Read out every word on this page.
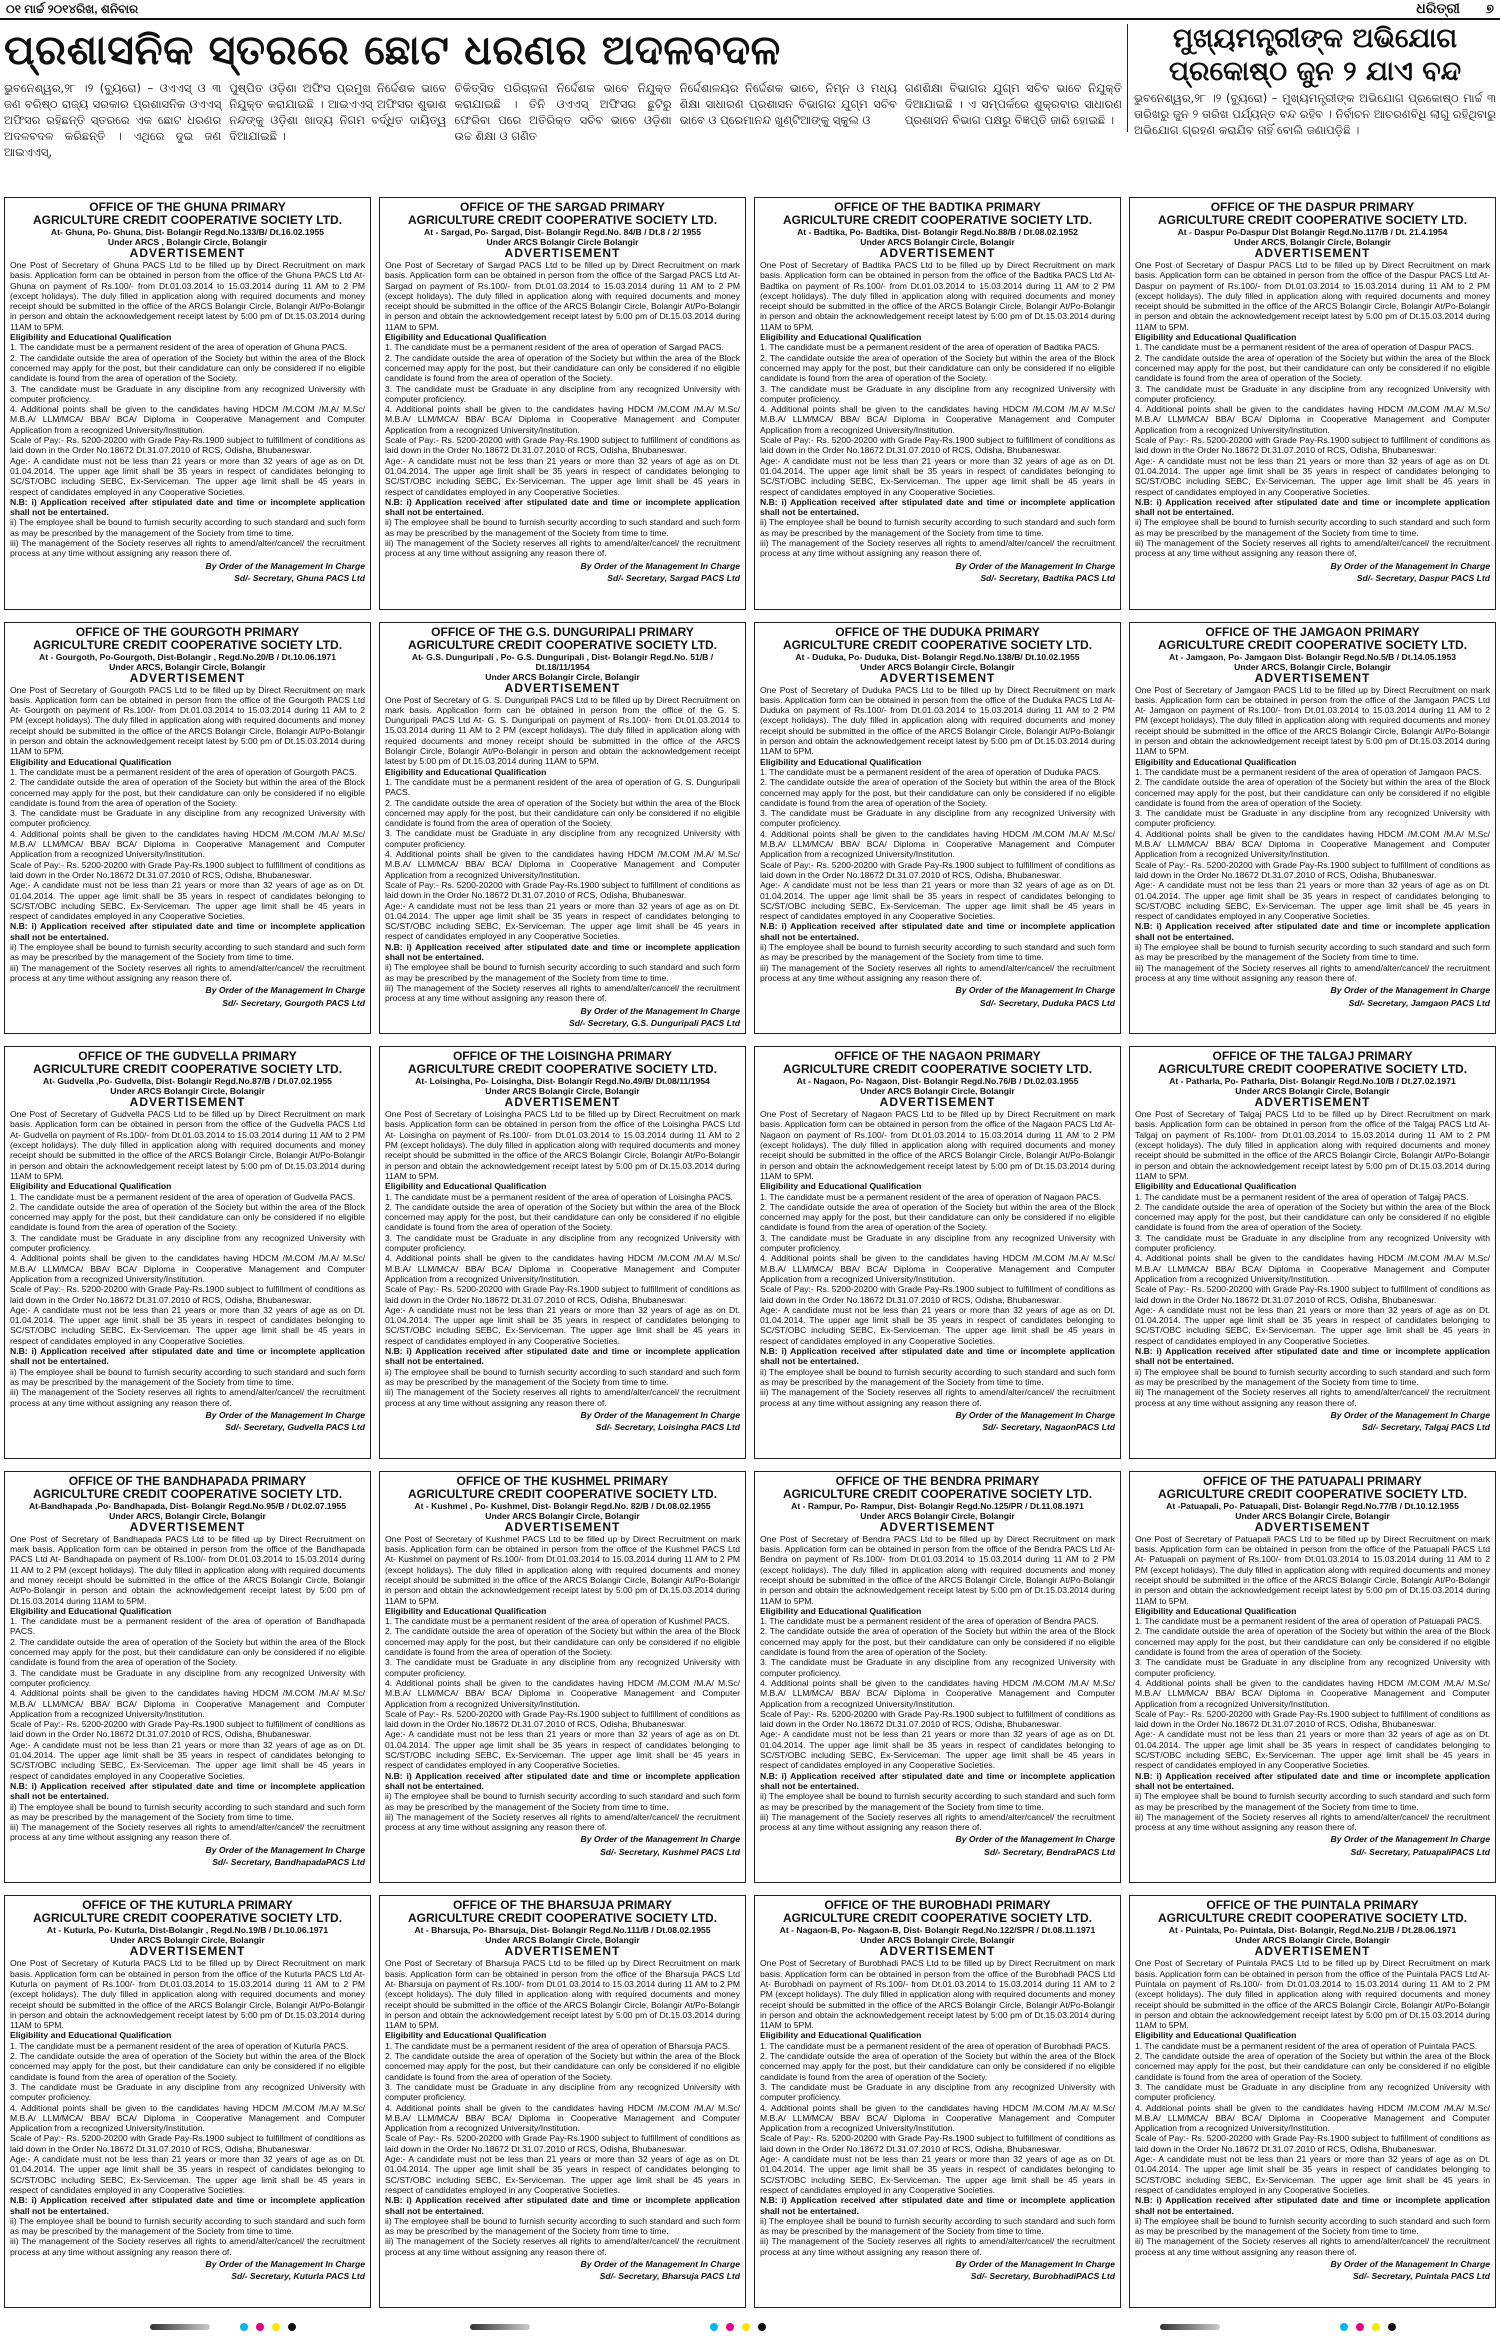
୦୧ ମାର୍ଚ୍ଚ ୨୦୧୪ରିଖ, ଶନିବାର	ଧରିତ୍ରୀ ୭
ପ୍ରଶାସନିକ ସ୍ତରରେ ଛୋଟ ଧରଣର ଅଦଳବଦଳ
ଭୁବନେଶ୍ୱର,୨୮ ।୨ (ବ୍ୟୁରୋ) – ଓଏଏସ୍ ଓ ୩ ଜଣ ବରିଷ୍ଠ ରାଜ୍ୟ ସରକାର ପ୍ରଶାସନିକ ଓଏଏସ୍ ଅଫିସର ରହିଛନ୍ତି ସ୍ତରରେ ଏକ ଛୋଟ ଧରଣର ଅଦଳବଦଳ କରିଛନ୍ତି । ଏଥିରେ ଦୁଇ ଜଣ ଆଇଏଏସ୍,
ପୁଷ୍ପିତ ଓଡ଼ିଶା ଅଫିସ ପ୍ରମୁଖ ନିର୍ଦ୍ଦେଶକ ଭାବେ ନିଯୁକ୍ତ କରାଯାଇଛି । ଆଇଏଏସ୍ ଅଫିସର ଶୁଭାଶ ନନ୍ଦଙ୍କୁ ଓଡ଼ିଶା ଖାଦ୍ୟ ନିଗମ ବର୍ଦ୍ଧିତ ଦାୟିତ୍ୱ ଦିଆଯାଇଛି ।
ଚିକିତ୍ସିତ ପରିଚାଳନା ନିର୍ଦ୍ଦେଶକ ଭାବେ ନିଯୁକ୍ତ କରାଯାଇଛି । ତିନି ଓଏଏସ୍ ଅଫିସର ଛୁଟିରୁ ଫେରିବା ପରେ ଅତିରିକ୍ତ ସଚିବ ଭାବେ ଓଡ଼ିଶା ଉଚ୍ଚ ଶିକ୍ଷା ଓ ଗଣିତ
ନିର୍ଦ୍ଦେଶାଳୟର ନିର୍ଦ୍ଦେଶକ ଭାବେ, ନିମ୍ନ ଓ ମଧ୍ୟ ଶିକ୍ଷା ସାଧାରଣ ପ୍ରଶାସନ ବିଭାଗର ଯୁଗ୍ମ ସଚିବ ଭାବେ ଓ ପ୍ରେମାନନ୍ଦ ଖୁଣ୍ଟିଆଙ୍କୁ ସ୍କୁଲ ଓ
ଗଣଶିକ୍ଷା ବିଭାଗର ଯୁଗ୍ମ ସଚିବ ଭାବେ ନିଯୁକ୍ତି ଦିଆଯାଇଛି । ଏ ସମ୍ପର୍କରେ ଶୁକ୍ରବାର ସାଧାରଣ ପ୍ରଶାସନ ବିଭାଗ ପକ୍ଷରୁ ବିଜ୍ଞପ୍ତି ଜାରି ହୋଇଛି ।
ମୁଖ୍ୟମନ୍ତ୍ରୀଙ୍କ ଅଭିଯୋଗ
ପ୍ରକୋଷ୍ଠ ଜୁନ ୨ ଯାଏ ବନ୍ଦ
ଭୁବନେଶ୍ୱର,୨୮ ।୨ (ବ୍ୟୁରୋ) – ମୁଖ୍ୟମନ୍ତ୍ରୀଙ୍କ ଅଭିଯୋଗ ପ୍ରକୋଷ୍ଠ ମାର୍ଚ୍ଚ ୩ ତାରିଖରୁ ଜୁନ ୨ ତାରିଖ ପର୍ଯ୍ୟନ୍ତ ବନ୍ଦ ରହିବ । ନିର୍ବାଚନ ଆଚରଣବିଧି ଲାଗୁ ରହିଥିବାରୁ ଅଭିଯୋଗ ଗ୍ରହଣ କରାଯିବ ନାହିଁ ବୋଲି ଜଣାପଡ଼ିଛି ।
OFFICE OF THE GHUNA PRIMARY
AGRICULTURE CREDIT COOPERATIVE SOCIETY LTD.
At- Ghuna, Po- Ghuna, Dist- Bolangir Regd.No.133/B/ Dt.16.02.1955
Under ARCS , Bolangir Circle, Bolangir
ADVERTISEMENT

One Post of Secretary of Ghuna PACS Ltd to be filled up by Direct Recruitment on mark basis. Application form can be obtained in person from the office of the Ghuna PACS Ltd At- Ghuna on payment of Rs.100/- from Dt.01.03.2014 to 15.03.2014 during 11 AM to 2 PM (except holidays). The duly filled in application along with required documents and money receipt should be submitted in the office of the ARCS Bolangir Circle, Bolangir At/Po-Bolangir in person and obtain the acknowledgement receipt latest by 5:00 pm of Dt.15.03.2014 during 11AM to 5PM.

Eligibility and Educational Qualification

1. The candidate must be a permanent resident of the area of operation of Ghuna PACS.

2. The candidate outside the area of operation of the Society but within the area of the Block concerned may apply for the post, but their candidature can only be considered if no eligible candidate is found from the area of operation of the Society.

3. The candidate must be Graduate in any discipline from any recognized University with computer proficiency.

4. Additional points shall be given to the candidates having HDCM /M.COM /M.A/ M.Sc/ M.B.A/ LLM/MCA/ BBA/ BCA/ Diploma in Cooperative Management and Computer Application from a recognized University/Institution.

Scale of Pay:- Rs. 5200-20200 with Grade Pay-Rs.1900 subject to fulfillment of conditions as laid down in the Order No.18672 Dt.31.07.2010 of RCS, Odisha, Bhubaneswar.

Age:- A candidate must not be less than 21 years or more than 32 years of age as on Dt. 01.04.2014. The upper age limit shall be 35 years in respect of candidates belonging to SC/ST/OBC including SEBC, Ex-Serviceman. The upper age limit shall be 45 years in respect of candidates employed in any Cooperative Societies.

N.B: i) Application received after stipulated date and time or incomplete application shall not be entertained.

ii) The employee shall be bound to furnish security according to such standard and such form as may be prescribed by the management of the Society from time to time.

iii) The management of the Society reserves all rights to amend/alter/cancel/ the recruitment process at any time without assigning any reason there of.

By Order of the Management In Charge
Sd/- Secretary, Ghuna PACS Ltd
OFFICE OF THE SARGAD PRIMARY
AGRICULTURE CREDIT COOPERATIVE SOCIETY LTD.
At - Sargad, Po- Sargad, Dist- Bolangir Regd.No. 84/B / Dt.8 / 2/ 1955
Under ARCS Bolangir Circle Bolangir
ADVERTISEMENT

One Post of Secretary of Sargad PACS Ltd to be filled up by Direct Recruitment on mark basis. Application form can be obtained in person from the office of the Sargad PACS Ltd At- Sargad on payment of Rs.100/- from Dt.01.03.2014 to 15.03.2014 during 11 AM to 2 PM (except holidays). The duly filled in application along with required documents and money receipt should be submitted in the office of the ARCS Bolangir Circle, Bolangir At/Po-Bolangir in person and obtain the acknowledgement receipt latest by 5:00 pm of Dt.15.03.2014 during 11AM to 5PM.

Eligibility and Educational Qualification

1. The candidate must be a permanent resident of the area of operation of Sargad PACS.

2. The candidate outside the area of operation of the Society but within the area of the Block concerned may apply for the post, but their candidature can only be considered if no eligible candidate is found from the area of operation of the Society.

3. The candidate must be Graduate in any discipline from any recognized University with computer proficiency.

4. Additional points shall be given to the candidates having HDCM /M.COM /M.A/ M.Sc/ M.B.A/ LLM/MCA/ BBA/ BCA/ Diploma in Cooperative Management and Computer Application from a recognized University/Institution.

Scale of Pay:- Rs. 5200-20200 with Grade Pay-Rs.1900 subject to fulfillment of conditions as laid down in the Order No.18672 Dt.31.07.2010 of RCS, Odisha, Bhubaneswar.

Age:- A candidate must not be less than 21 years or more than 32 years of age as on Dt. 01.04.2014. The upper age limit shall be 35 years in respect of candidates belonging to SC/ST/OBC including SEBC, Ex-Serviceman. The upper age limit shall be 45 years in respect of candidates employed in any Cooperative Societies.

N.B: i) Application received after stipulated date and time or incomplete application shall not be entertained.

ii) The employee shall be bound to furnish security according to such standard and such form as may be prescribed by the management of the Society from time to time.

iii) The management of the Society reserves all rights to amend/alter/cancel/ the recruitment process at any time without assigning any reason there of.

By Order of the Management In Charge
Sd/- Secretary, Sargad PACS Ltd
OFFICE OF THE BADTIKA PRIMARY
AGRICULTURE CREDIT COOPERATIVE SOCIETY LTD.
At - Badtika, Po- Badtika, Dist- Bolangir Regd.No.88/B / Dt.08.02.1952
Under ARCS Bolangir Circle, Bolangir
ADVERTISEMENT

One Post of Secretary of Badtika PACS Ltd to be filled up by Direct Recruitment on mark basis. Application form can be obtained in person from the office of the Badtika PACS Ltd At- Badtika on payment of Rs.100/- from Dt.01.03.2014 to 15.03.2014 during 11 AM to 2 PM (except holidays). The duly filled in application along with required documents and money receipt should be submitted in the office of the ARCS Bolangir Circle, Bolangir At/Po-Bolangir in person and obtain the acknowledgement receipt latest by 5:00 pm of Dt.15.03.2014 during 11AM to 5PM.

Eligibility and Educational Qualification

1. The candidate must be a permanent resident of the area of operation of Badtika PACS.

2. The candidate outside the area of operation of the Society but within the area of the Block concerned may apply for the post, but their candidature can only be considered if no eligible candidate is found from the area of operation of the Society.

3. The candidate must be Graduate in any discipline from any recognized University with computer proficiency.

4. Additional points shall be given to the candidates having HDCM /M.COM /M.A/ M.Sc/ M.B.A/ LLM/MCA/ BBA/ BCA/ Diploma in Cooperative Management and Computer Application from a recognized University/Institution.

Scale of Pay:- Rs. 5200-20200 with Grade Pay-Rs.1900 subject to fulfillment of conditions as laid down in the Order No.18672 Dt.31.07.2010 of RCS, Odisha, Bhubaneswar.

Age:- A candidate must not be less than 21 years or more than 32 years of age as on Dt. 01.04.2014. The upper age limit shall be 35 years in respect of candidates belonging to SC/ST/OBC including SEBC, Ex-Serviceman. The upper age limit shall be 45 years in respect of candidates employed in any Cooperative Societies.

N.B: i) Application received after stipulated date and time or incomplete application shall not be entertained.

ii) The employee shall be bound to furnish security according to such standard and such form as may be prescribed by the management of the Society from time to time.

iii) The management of the Society reserves all rights to amend/alter/cancel/ the recruitment process at any time without assigning any reason there of.

By Order of the Management In Charge
Sd/- Secretary, Badtika PACS Ltd
OFFICE OF THE DASPUR PRIMARY
AGRICULTURE CREDIT COOPERATIVE SOCIETY LTD.
At - Daspur Po-Daspur Dist Bolangir Regd.No.117/B / Dt. 21.4.1954
Under ARCS, Bolangir Circle, Bolangir
ADVERTISEMENT

One Post of Secretary of Daspur PACS Ltd to be filled up by Direct Recruitment on mark basis. Application form can be obtained in person from the office of the Daspur PACS Ltd At- Daspur on payment of Rs.100/- from Dt.01.03.2014 to 15.03.2014 during 11 AM to 2 PM (except holidays). The duly filled in application along with required documents and money receipt should be submitted in the office of the ARCS Bolangir Circle, Bolangir At/Po-Bolangir in person and obtain the acknowledgement receipt latest by 5:00 pm of Dt.15.03.2014 during 11AM to 5PM.

Eligibility and Educational Qualification

1. The candidate must be a permanent resident of the area of operation of Daspur PACS.

2. The candidate outside the area of operation of the Society but within the area of the Block concerned may apply for the post, but their candidature can only be considered if no eligible candidate is found from the area of operation of the Society.

3. The candidate must be Graduate in any discipline from any recognized University with computer proficiency.

4. Additional points shall be given to the candidates having HDCM /M.COM /M.A/ M.Sc/ M.B.A/ LLM/MCA/ BBA/ BCA/ Diploma in Cooperative Management and Computer Application from a recognized University/Institution.

Scale of Pay:- Rs. 5200-20200 with Grade Pay-Rs.1900 subject to fulfillment of conditions as laid down in the Order No.18672 Dt.31.07.2010 of RCS, Odisha, Bhubaneswar.

Age:- A candidate must not be less than 21 years or more than 32 years of age as on Dt. 01.04.2014. The upper age limit shall be 35 years in respect of candidates belonging to SC/ST/OBC including SEBC, Ex-Serviceman. The upper age limit shall be 45 years in respect of candidates employed in any Cooperative Societies.

N.B: i) Application received after stipulated date and time or incomplete application shall not be entertained.

ii) The employee shall be bound to furnish security according to such standard and such form as may be prescribed by the management of the Society from time to time.

iii) The management of the Society reserves all rights to amend/alter/cancel/ the recruitment process at any time without assigning any reason there of.

By Order of the Management In Charge
Sd/- Secretary, Daspur PACS Ltd
OFFICE OF THE GOURGOTH PRIMARY
AGRICULTURE CREDIT COOPERATIVE SOCIETY LTD.
At - Gourgoth, Po-Gourgoth, Dist-Bolangir , Regd.No.20/B / Dt.10.06.1971
Under ARCS, Bolangir Circle, Bolangir
ADVERTISEMENT

One Post of Secretary of Gourgoth PACS Ltd to be filled up by Direct Recruitment on mark basis. Application form can be obtained in person from the office of the Gourgoth PACS Ltd At- Gourgoth on payment of Rs.100/- from Dt.01.03.2014 to 15.03.2014 during 11 AM to 2 PM (except holidays). The duly filled in application along with required documents and money receipt should be submitted in the office of the ARCS Bolangir Circle, Bolangir At/Po-Bolangir in person and obtain the acknowledgement receipt latest by 5:00 pm of Dt.15.03.2014 during 11AM to 5PM.

Eligibility and Educational Qualification

1. The candidate must be a permanent resident of the area of operation of Gourgoth PACS.

2. The candidate outside the area of operation of the Society but within the area of the Block concerned may apply for the post, but their candidature can only be considered if no eligible candidate is found from the area of operation of the Society.

3. The candidate must be Graduate in any discipline from any recognized University with computer proficiency.

4. Additional points shall be given to the candidates having HDCM /M.COM /M.A/ M.Sc/ M.B.A/ LLM/MCA/ BBA/ BCA/ Diploma in Cooperative Management and Computer Application from a recognized University/Institution.

Scale of Pay:- Rs. 5200-20200 with Grade Pay-Rs.1900 subject to fulfillment of conditions as laid down in the Order No.18672 Dt.31.07.2010 of RCS, Odisha, Bhubaneswar.

Age:- A candidate must not be less than 21 years or more than 32 years of age as on Dt. 01.04.2014. The upper age limit shall be 35 years in respect of candidates belonging to SC/ST/OBC including SEBC, Ex-Serviceman. The upper age limit shall be 45 years in respect of candidates employed in any Cooperative Societies.

N.B: i) Application received after stipulated date and time or incomplete application shall not be entertained.

ii) The employee shall be bound to furnish security according to such standard and such form as may be prescribed by the management of the Society from time to time.

iii) The management of the Society reserves all rights to amend/alter/cancel/ the recruitment process at any time without assigning any reason there of.

By Order of the Management In Charge
Sd/- Secretary, Gourgoth PACS Ltd
OFFICE OF THE G.S. DUNGURIPALI PRIMARY
AGRICULTURE CREDIT COOPERATIVE SOCIETY LTD.
At- G.S. Dunguripali , Po- G.S. Dunguripali , Dist- Bolangir Regd.No. 51/B / Dt.18/11/1954
Under ARCS Bolangir Circle, Bolangir
ADVERTISEMENT

One Post of Secretary of G. S. Dunguripali PACS Ltd to be filled up by Direct Recruitment on mark basis. Application form can be obtained in person from the office of the G. S. Dunguripali PACS Ltd At- G. S. Dunguripali on payment of Rs.100/- from Dt.01.03.2014 to 15.03.2014 during 11 AM to 2 PM (except holidays). The duly filled in application along with required documents and money receipt should be submitted in the office of the ARCS Bolangir Circle, Bolangir At/Po-Bolangir in person and obtain the acknowledgement receipt latest by 5:00 pm of Dt.15.03.2014 during 11AM to 5PM.

Eligibility and Educational Qualification

1. The candidate must be a permanent resident of the area of operation of G. S. Dunguripali PACS.

2. The candidate outside the area of operation of the Society but within the area of the Block concerned may apply for the post, but their candidature can only be considered if no eligible candidate is found from the area of operation of the Society.

3. The candidate must be Graduate in any discipline from any recognized University with computer proficiency.

4. Additional points shall be given to the candidates having HDCM /M.COM /M.A/ M.Sc/ M.B.A/ LLM/MCA/ BBA/ BCA/ Diploma in Cooperative Management and Computer Application from a recognized University/Institution.

Scale of Pay:- Rs. 5200-20200 with Grade Pay-Rs.1900 subject to fulfillment of conditions as laid down in the Order No.18672 Dt.31.07.2010 of RCS, Odisha, Bhubaneswar.

Age:- A candidate must not be less than 21 years or more than 32 years of age as on Dt. 01.04.2014. The upper age limit shall be 35 years in respect of candidates belonging to SC/ST/OBC including SEBC, Ex-Serviceman. The upper age limit shall be 45 years in respect of candidates employed in any Cooperative Societies.

N.B: i) Application received after stipulated date and time or incomplete application shall not be entertained.

ii) The employee shall be bound to furnish security according to such standard and such form as may be prescribed by the management of the Society from time to time.

iii) The management of the Society reserves all rights to amend/alter/cancel/ the recruitment process at any time without assigning any reason there of.

By Order of the Management In Charge
Sd/- Secretary, G.S. Dunguripali PACS Ltd
OFFICE OF THE DUDUKA PRIMARY
AGRICULTURE CREDIT COOPERATIVE SOCIETY LTD.
At - Duduka, Po- Duduka, Dist- Bolangir Regd.No.138/B/ Dt.10.02.1955
Under ARCS Bolangir Circle, Bolangir
ADVERTISEMENT

One Post of Secretary of Duduka PACS Ltd to be filled up by Direct Recruitment on mark basis. Application form can be obtained in person from the office of the Duduka PACS Ltd At- Duduka on payment of Rs.100/- from Dt.01.03.2014 to 15.03.2014 during 11 AM to 2 PM (except holidays). The duly filled in application along with required documents and money receipt should be submitted in the office of the ARCS Bolangir Circle, Bolangir At/Po-Bolangir in person and obtain the acknowledgement receipt latest by 5:00 pm of Dt.15.03.2014 during 11AM to 5PM.

Eligibility and Educational Qualification

1. The candidate must be a permanent resident of the area of operation of Duduka PACS.

2. The candidate outside the area of operation of the Society but within the area of the Block concerned may apply for the post, but their candidature can only be considered if no eligible candidate is found from the area of operation of the Society.

3. The candidate must be Graduate in any discipline from any recognized University with computer proficiency.

4. Additional points shall be given to the candidates having HDCM /M.COM /M.A/ M.Sc/ M.B.A/ LLM/MCA/ BBA/ BCA/ Diploma in Cooperative Management and Computer Application from a recognized University/Institution.

Scale of Pay:- Rs. 5200-20200 with Grade Pay-Rs.1900 subject to fulfillment of conditions as laid down in the Order No.18672 Dt.31.07.2010 of RCS, Odisha, Bhubaneswar.

Age:- A candidate must not be less than 21 years or more than 32 years of age as on Dt. 01.04.2014. The upper age limit shall be 35 years in respect of candidates belonging to SC/ST/OBC including SEBC, Ex-Serviceman. The upper age limit shall be 45 years in respect of candidates employed in any Cooperative Societies.

N.B: i) Application received after stipulated date and time or incomplete application shall not be entertained.

ii) The employee shall be bound to furnish security according to such standard and such form as may be prescribed by the management of the Society from time to time.

iii) The management of the Society reserves all rights to amend/alter/cancel/ the recruitment process at any time without assigning any reason there of.

By Order of the Management In Charge
Sd/- Secretary, Duduka PACS Ltd
OFFICE OF THE JAMGAON PRIMARY
AGRICULTURE CREDIT COOPERATIVE SOCIETY LTD.
At - Jamgaon, Po- Jamgaon Dist- Bolangir Regd.No.5/B / Dt.14.05.1953
Under ARCS, Bolangir Circle, Bolangir
ADVERTISEMENT

One Post of Secretary of Jamgaon PACS Ltd to be filled up by Direct Recruitment on mark basis. Application form can be obtained in person from the office of the Jamgaon PACS Ltd At- Jamgaon on payment of Rs.100/- from Dt.01.03.2014 to 15.03.2014 during 11 AM to 2 PM (except holidays). The duly filled in application along with required documents and money receipt should be submitted in the office of the ARCS Bolangir Circle, Bolangir At/Po-Bolangir in person and obtain the acknowledgement receipt latest by 5:00 pm of Dt.15.03.2014 during 11AM to 5PM.

Eligibility and Educational Qualification

1. The candidate must be a permanent resident of the area of operation of Jamgaon PACS.

2. The candidate outside the area of operation of the Society but within the area of the Block concerned may apply for the post, but their candidature can only be considered if no eligible candidate is found from the area of operation of the Society.

3. The candidate must be Graduate in any discipline from any recognized University with computer proficiency.

4. Additional points shall be given to the candidates having HDCM /M.COM /M.A/ M.Sc/ M.B.A/ LLM/MCA/ BBA/ BCA/ Diploma in Cooperative Management and Computer Application from a recognized University/Institution.

Scale of Pay:- Rs. 5200-20200 with Grade Pay-Rs.1900 subject to fulfillment of conditions as laid down in the Order No.18672 Dt.31.07.2010 of RCS, Odisha, Bhubaneswar.

Age:- A candidate must not be less than 21 years or more than 32 years of age as on Dt. 01.04.2014. The upper age limit shall be 35 years in respect of candidates belonging to SC/ST/OBC including SEBC, Ex-Serviceman. The upper age limit shall be 45 years in respect of candidates employed in any Cooperative Societies.

N.B: i) Application received after stipulated date and time or incomplete application shall not be entertained.

ii) The employee shall be bound to furnish security according to such standard and such form as may be prescribed by the management of the Society from time to time.

iii) The management of the Society reserves all rights to amend/alter/cancel/ the recruitment process at any time without assigning any reason there of.

By Order of the Management In Charge
Sd/- Secretary, Jamgaon PACS Ltd
OFFICE OF THE GUDVELLA PRIMARY
AGRICULTURE CREDIT COOPERATIVE SOCIETY LTD.
At- Gudvella ,Po- Gudvella, Dist- Bolangir Regd.No.87/B / Dt.07.02.1955
Under ARCS Bolangir Circle, Bolangir
ADVERTISEMENT

One Post of Secretary of Gudvella PACS Ltd to be filled up by Direct Recruitment on mark basis. Application form can be obtained in person from the office of the Gudvella PACS Ltd At- Gudvella on payment of Rs.100/- from Dt.01.03.2014 to 15.03.2014 during 11 AM to 2 PM (except holidays). The duly filled in application along with required documents and money receipt should be submitted in the office of the ARCS Bolangir Circle, Bolangir At/Po-Bolangir in person and obtain the acknowledgement receipt latest by 5:00 pm of Dt.15.03.2014 during 11AM to 5PM.

Eligibility and Educational Qualification

1. The candidate must be a permanent resident of the area of operation of Gudvella PACS.

2. The candidate outside the area of operation of the Society but within the area of the Block concerned may apply for the post, but their candidature can only be considered if no eligible candidate is found from the area of operation of the Society.

3. The candidate must be Graduate in any discipline from any recognized University with computer proficiency.

4. Additional points shall be given to the candidates having HDCM /M.COM /M.A/ M.Sc/ M.B.A/ LLM/MCA/ BBA/ BCA/ Diploma in Cooperative Management and Computer Application from a recognized University/Institution.

Scale of Pay:- Rs. 5200-20200 with Grade Pay-Rs.1900 subject to fulfillment of conditions as laid down in the Order No.18672 Dt.31.07.2010 of RCS, Odisha, Bhubaneswar.

Age:- A candidate must not be less than 21 years or more than 32 years of age as on Dt. 01.04.2014. The upper age limit shall be 35 years in respect of candidates belonging to SC/ST/OBC including SEBC, Ex-Serviceman. The upper age limit shall be 45 years in respect of candidates employed in any Cooperative Societies.

N.B: i) Application received after stipulated date and time or incomplete application shall not be entertained.

ii) The employee shall be bound to furnish security according to such standard and such form as may be prescribed by the management of the Society from time to time.

iii) The management of the Society reserves all rights to amend/alter/cancel/ the recruitment process at any time without assigning any reason there of.

By Order of the Management In Charge
Sd/- Secretary, Gudvella PACS Ltd
OFFICE OF THE LOISINGHA PRIMARY
AGRICULTURE CREDIT COOPERATIVE SOCIETY LTD.
At- Loisingha, Po- Loisingha, Dist- Bolangir Regd.No.49/B/ Dt.08/11/1954
Under ARCS Bolangir Circle, Bolangir
ADVERTISEMENT

One Post of Secretary of Loisingha PACS Ltd to be filled up by Direct Recruitment on mark basis. Application form can be obtained in person from the office of the Loisingha PACS Ltd At- Loisingha on payment of Rs.100/- from Dt.01.03.2014 to 15.03.2014 during 11 AM to 2 PM (except holidays). The duly filled in application along with required documents and money receipt should be submitted in the office of the ARCS Bolangir Circle, Bolangir At/Po-Bolangir in person and obtain the acknowledgement receipt latest by 5:00 pm of Dt.15.03.2014 during 11AM to 5PM.

Eligibility and Educational Qualification

1. The candidate must be a permanent resident of the area of operation of Loisingha PACS.

2. The candidate outside the area of operation of the Society but within the area of the Block concerned may apply for the post, but their candidature can only be considered if no eligible candidate is found from the area of operation of the Society.

3. The candidate must be Graduate in any discipline from any recognized University with computer proficiency.

4. Additional points shall be given to the candidates having HDCM /M.COM /M.A/ M.Sc/ M.B.A/ LLM/MCA/ BBA/ BCA/ Diploma in Cooperative Management and Computer Application from a recognized University/Institution.

Scale of Pay:- Rs. 5200-20200 with Grade Pay-Rs.1900 subject to fulfillment of conditions as laid down in the Order No.18672 Dt.31.07.2010 of RCS, Odisha, Bhubaneswar.

Age:- A candidate must not be less than 21 years or more than 32 years of age as on Dt. 01.04.2014. The upper age limit shall be 35 years in respect of candidates belonging to SC/ST/OBC including SEBC, Ex-Serviceman. The upper age limit shall be 45 years in respect of candidates employed in any Cooperative Societies.

N.B: i) Application received after stipulated date and time or incomplete application shall not be entertained.

ii) The employee shall be bound to furnish security according to such standard and such form as may be prescribed by the management of the Society from time to time.

iii) The management of the Society reserves all rights to amend/alter/cancel/ the recruitment process at any time without assigning any reason there of.

By Order of the Management In Charge
Sd/- Secretary, Loisingha PACS Ltd
OFFICE OF THE NAGAON PRIMARY
AGRICULTURE CREDIT COOPERATIVE SOCIETY LTD.
At - Nagaon, Po- Nagaon, Dist- Bolangir Regd.No.76/B / Dt.02.03.1955
Under ARCS Bolangir Circle, Bolangir
ADVERTISEMENT

One Post of Secretary of Nagaon PACS Ltd to be filled up by Direct Recruitment on mark basis. Application form can be obtained in person from the office of the Nagaon PACS Ltd At- Nagaon on payment of Rs.100/- from Dt.01.03.2014 to 15.03.2014 during 11 AM to 2 PM (except holidays). The duly filled in application along with required documents and money receipt should be submitted in the office of the ARCS Bolangir Circle, Bolangir At/Po-Bolangir in person and obtain the acknowledgement receipt latest by 5:00 pm of Dt.15.03.2014 during 11AM to 5PM.

Eligibility and Educational Qualification

1. The candidate must be a permanent resident of the area of operation of Nagaon PACS.

2. The candidate outside the area of operation of the Society but within the area of the Block concerned may apply for the post, but their candidature can only be considered if no eligible candidate is found from the area of operation of the Society.

3. The candidate must be Graduate in any discipline from any recognized University with computer proficiency.

4. Additional points shall be given to the candidates having HDCM /M.COM /M.A/ M.Sc/ M.B.A/ LLM/MCA/ BBA/ BCA/ Diploma in Cooperative Management and Computer Application from a recognized University/Institution.

Scale of Pay:- Rs. 5200-20200 with Grade Pay-Rs.1900 subject to fulfillment of conditions as laid down in the Order No.18672 Dt.31.07.2010 of RCS, Odisha, Bhubaneswar.

Age:- A candidate must not be less than 21 years or more than 32 years of age as on Dt. 01.04.2014. The upper age limit shall be 35 years in respect of candidates belonging to SC/ST/OBC including SEBC, Ex-Serviceman. The upper age limit shall be 45 years in respect of candidates employed in any Cooperative Societies.

N.B: i) Application received after stipulated date and time or incomplete application shall not be entertained.

ii) The employee shall be bound to furnish security according to such standard and such form as may be prescribed by the management of the Society from time to time.

iii) The management of the Society reserves all rights to amend/alter/cancel/ the recruitment process at any time without assigning any reason there of.

By Order of the Management In Charge
Sd/- Secretary, NagaonPACS Ltd
OFFICE OF THE TALGAJ PRIMARY
AGRICULTURE CREDIT COOPERATIVE SOCIETY LTD.
At - Patharla, Po- Patharla, Dist- Bolangir Regd.No.10/B / Dt.27.02.1971
Under ARCS Bolangir Circle, Bolangir
ADVERTISEMENT

One Post of Secretary of Talgaj PACS Ltd to be filled up by Direct Recruitment on mark basis. Application form can be obtained in person from the office of the Talgaj PACS Ltd At- Talgaj on payment of Rs.100/- from Dt.01.03.2014 to 15.03.2014 during 11 AM to 2 PM (except holidays). The duly filled in application along with required documents and money receipt should be submitted in the office of the ARCS Bolangir Circle, Bolangir At/Po-Bolangir in person and obtain the acknowledgement receipt latest by 5:00 pm of Dt.15.03.2014 during 11AM to 5PM.

Eligibility and Educational Qualification

1. The candidate must be a permanent resident of the area of operation of Talgaj PACS.

2. The candidate outside the area of operation of the Society but within the area of the Block concerned may apply for the post, but their candidature can only be considered if no eligible candidate is found from the area of operation of the Society.

3. The candidate must be Graduate in any discipline from any recognized University with computer proficiency.

4. Additional points shall be given to the candidates having HDCM /M.COM /M.A/ M.Sc/ M.B.A/ LLM/MCA/ BBA/ BCA/ Diploma in Cooperative Management and Computer Application from a recognized University/Institution.

Scale of Pay:- Rs. 5200-20200 with Grade Pay-Rs.1900 subject to fulfillment of conditions as laid down in the Order No.18672 Dt.31.07.2010 of RCS, Odisha, Bhubaneswar.

Age:- A candidate must not be less than 21 years or more than 32 years of age as on Dt. 01.04.2014. The upper age limit shall be 35 years in respect of candidates belonging to SC/ST/OBC including SEBC, Ex-Serviceman. The upper age limit shall be 45 years in respect of candidates employed in any Cooperative Societies.

N.B: i) Application received after stipulated date and time or incomplete application shall not be entertained.

ii) The employee shall be bound to furnish security according to such standard and such form as may be prescribed by the management of the Society from time to time.

iii) The management of the Society reserves all rights to amend/alter/cancel/ the recruitment process at any time without assigning any reason there of.

By Order of the Management In Charge
Sd/- Secretary, Talgaj PACS Ltd
OFFICE OF THE BANDHAPADA PRIMARY
AGRICULTURE CREDIT COOPERATIVE SOCIETY LTD.
At-Bandhapada ,Po- Bandhapada, Dist- Bolangir Regd.No.95/B / Dt.02.07.1955
Under ARCS, Bolangir Circle, Bolangir
ADVERTISEMENT

One Post of Secretary of Bandhapada PACS Ltd to be filled up by Direct Recruitment on mark basis. Application form can be obtained in person from the office of the Bandhapada PACS Ltd At- Bandhapada on payment of Rs.100/- from Dt.01.03.2014 to 15.03.2014 during 11 AM to 2 PM (except holidays). The duly filled in application along with required documents and money receipt should be submitted in the office of the ARCS Bolangir Circle, Bolangir At/Po-Bolangir in person and obtain the acknowledgement receipt latest by 5:00 pm of Dt.15.03.2014 during 11AM to 5PM.

Eligibility and Educational Qualification

1. The candidate must be a permanent resident of the area of operation of Bandhapada PACS.

2. The candidate outside the area of operation of the Society but within the area of the Block concerned may apply for the post, but their candidature can only be considered if no eligible candidate is found from the area of operation of the Society.

3. The candidate must be Graduate in any discipline from any recognized University with computer proficiency.

4. Additional points shall be given to the candidates having HDCM /M.COM /M.A/ M.Sc/ M.B.A/ LLM/MCA/ BBA/ BCA/ Diploma in Cooperative Management and Computer Application from a recognized University/Institution.

Scale of Pay:- Rs. 5200-20200 with Grade Pay-Rs.1900 subject to fulfillment of conditions as laid down in the Order No.18672 Dt.31.07.2010 of RCS, Odisha, Bhubaneswar.

Age:- A candidate must not be less than 21 years or more than 32 years of age as on Dt. 01.04.2014. The upper age limit shall be 35 years in respect of candidates belonging to SC/ST/OBC including SEBC, Ex-Serviceman. The upper age limit shall be 45 years in respect of candidates employed in any Cooperative Societies.

N.B: i) Application received after stipulated date and time or incomplete application shall not be entertained.

ii) The employee shall be bound to furnish security according to such standard and such form as may be prescribed by the management of the Society from time to time.

iii) The management of the Society reserves all rights to amend/alter/cancel/ the recruitment process at any time without assigning any reason there of.

By Order of the Management In Charge
Sd/- Secretary, BandhapadaPACS Ltd
OFFICE OF THE KUSHMEL PRIMARY
AGRICULTURE CREDIT COOPERATIVE SOCIETY LTD.
At - Kushmel , Po- Kushmel, Dist- Bolangir Regd.No. 82/B / Dt.08.02.1955
Under ARCS Bolangir Circle, Bolangir
ADVERTISEMENT

One Post of Secretary of Kushmel PACS Ltd to be filled up by Direct Recruitment on mark basis. Application form can be obtained in person from the office of the Kushmel PACS Ltd At- Kushmel on payment of Rs.100/- from Dt.01.03.2014 to 15.03.2014 during 11 AM to 2 PM (except holidays). The duly filled in application along with required documents and money receipt should be submitted in the office of the ARCS Bolangir Circle, Bolangir At/Po-Bolangir in person and obtain the acknowledgement receipt latest by 5:00 pm of Dt.15.03.2014 during 11AM to 5PM.

Eligibility and Educational Qualification

1. The candidate must be a permanent resident of the area of operation of Kushmel PACS.

2. The candidate outside the area of operation of the Society but within the area of the Block concerned may apply for the post, but their candidature can only be considered if no eligible candidate is found from the area of operation of the Society.

3. The candidate must be Graduate in any discipline from any recognized University with computer proficiency.

4. Additional points shall be given to the candidates having HDCM /M.COM /M.A/ M.Sc/ M.B.A/ LLM/MCA/ BBA/ BCA/ Diploma in Cooperative Management and Computer Application from a recognized University/Institution.

Scale of Pay:- Rs. 5200-20200 with Grade Pay-Rs.1900 subject to fulfillment of conditions as laid down in the Order No.18672 Dt.31.07.2010 of RCS, Odisha, Bhubaneswar.

Age:- A candidate must not be less than 21 years or more than 32 years of age as on Dt. 01.04.2014. The upper age limit shall be 35 years in respect of candidates belonging to SC/ST/OBC including SEBC, Ex-Serviceman. The upper age limit shall be 45 years in respect of candidates employed in any Cooperative Societies.

N.B: i) Application received after stipulated date and time or incomplete application shall not be entertained.

ii) The employee shall be bound to furnish security according to such standard and such form as may be prescribed by the management of the Society from time to time.

iii) The management of the Society reserves all rights to amend/alter/cancel/ the recruitment process at any time without assigning any reason there of.

By Order of the Management In Charge
Sd/- Secretary, Kushmel PACS Ltd
OFFICE OF THE BENDRA PRIMARY
AGRICULTURE CREDIT COOPERATIVE SOCIETY LTD.
At - Rampur, Po- Rampur, Dist- Bolangir Regd.No.125/PR / Dt.11.08.1971
Under ARCS Bolangir Circle, Bolangir
ADVERTISEMENT

One Post of Secretary of Bendra PACS Ltd to be filled up by Direct Recruitment on mark basis. Application form can be obtained in person from the office of the Bendra PACS Ltd At- Bendra on payment of Rs.100/- from Dt.01.03.2014 to 15.03.2014 during 11 AM to 2 PM (except holidays). The duly filled in application along with required documents and money receipt should be submitted in the office of the ARCS Bolangir Circle, Bolangir At/Po-Bolangir in person and obtain the acknowledgement receipt latest by 5:00 pm of Dt.15.03.2014 during 11AM to 5PM.

Eligibility and Educational Qualification

1. The candidate must be a permanent resident of the area of operation of Bendra PACS.

2. The candidate outside the area of operation of the Society but within the area of the Block concerned may apply for the post, but their candidature can only be considered if no eligible candidate is found from the area of operation of the Society.

3. The candidate must be Graduate in any discipline from any recognized University with computer proficiency.

4. Additional points shall be given to the candidates having HDCM /M.COM /M.A/ M.Sc/ M.B.A/ LLM/MCA/ BBA/ BCA/ Diploma in Cooperative Management and Computer Application from a recognized University/Institution.

Scale of Pay:- Rs. 5200-20200 with Grade Pay-Rs.1900 subject to fulfillment of conditions as laid down in the Order No.18672 Dt.31.07.2010 of RCS, Odisha, Bhubaneswar.

Age:- A candidate must not be less than 21 years or more than 32 years of age as on Dt. 01.04.2014. The upper age limit shall be 35 years in respect of candidates belonging to SC/ST/OBC including SEBC, Ex-Serviceman. The upper age limit shall be 45 years in respect of candidates employed in any Cooperative Societies.

N.B: i) Application received after stipulated date and time or incomplete application shall not be entertained.

ii) The employee shall be bound to furnish security according to such standard and such form as may be prescribed by the management of the Society from time to time.

iii) The management of the Society reserves all rights to amend/alter/cancel/ the recruitment process at any time without assigning any reason there of.

By Order of the Management In Charge
Sd/- Secretary, BendraPACS Ltd
OFFICE OF THE PATUAPALI PRIMARY
AGRICULTURE CREDIT COOPERATIVE SOCIETY LTD.
At -Patuapali, Po- Patuapali, Dist- Bolangir Regd.No.77/B / Dt.10.12.1955
Under ARCS Bolangir Circle, Bolangir
ADVERTISEMENT

One Post of Secretary of Patuapali PACS Ltd to be filled up by Direct Recruitment on mark basis. Application form can be obtained in person from the office of the Patuapali PACS Ltd At- Patuapali on payment of Rs.100/- from Dt.01.03.2014 to 15.03.2014 during 11 AM to 2 PM (except holidays). The duly filled in application along with required documents and money receipt should be submitted in the office of the ARCS Bolangir Circle, Bolangir At/Po-Bolangir in person and obtain the acknowledgement receipt latest by 5:00 pm of Dt.15.03.2014 during 11AM to 5PM.

Eligibility and Educational Qualification

1. The candidate must be a permanent resident of the area of operation of Patuapali PACS.

2. The candidate outside the area of operation of the Society but within the area of the Block concerned may apply for the post, but their candidature can only be considered if no eligible candidate is found from the area of operation of the Society.

3. The candidate must be Graduate in any discipline from any recognized University with computer proficiency.

4. Additional points shall be given to the candidates having HDCM /M.COM /M.A/ M.Sc/ M.B.A/ LLM/MCA/ BBA/ BCA/ Diploma in Cooperative Management and Computer Application from a recognized University/Institution.

Scale of Pay:- Rs. 5200-20200 with Grade Pay-Rs.1900 subject to fulfillment of conditions as laid down in the Order No.18672 Dt.31.07.2010 of RCS, Odisha, Bhubaneswar.

Age:- A candidate must not be less than 21 years or more than 32 years of age as on Dt. 01.04.2014. The upper age limit shall be 35 years in respect of candidates belonging to SC/ST/OBC including SEBC, Ex-Serviceman. The upper age limit shall be 45 years in respect of candidates employed in any Cooperative Societies.

N.B: i) Application received after stipulated date and time or incomplete application shall not be entertained.

ii) The employee shall be bound to furnish security according to such standard and such form as may be prescribed by the management of the Society from time to time.

iii) The management of the Society reserves all rights to amend/alter/cancel/ the recruitment process at any time without assigning any reason there of.

By Order of the Management In Charge
Sd/- Secretary, PatuapaliPACS Ltd
OFFICE OF THE KUTURLA PRIMARY
AGRICULTURE CREDIT COOPERATIVE SOCIETY LTD.
At - Kuturla, Po- Kuturla, Dist-Bolangir , Regd.No.19/B / Dt.10.06.1971
Under ARCS Bolangir Circle, Bolangir
ADVERTISEMENT

One Post of Secretary of Kuturla PACS Ltd to be filled up by Direct Recruitment on mark basis. Application form can be obtained in person from the office of the Kuturla PACS Ltd At- Kuturla on payment of Rs.100/- from Dt.01.03.2014 to 15.03.2014 during 11 AM to 2 PM (except holidays). The duly filled in application along with required documents and money receipt should be submitted in the office of the ARCS Bolangir Circle, Bolangir At/Po-Bolangir in person and obtain the acknowledgement receipt latest by 5:00 pm of Dt.15.03.2014 during 11AM to 5PM.

Eligibility and Educational Qualification

1. The candidate must be a permanent resident of the area of operation of Kuturla PACS.

2. The candidate outside the area of operation of the Society but within the area of the Block concerned may apply for the post, but their candidature can only be considered if no eligible candidate is found from the area of operation of the Society.

3. The candidate must be Graduate in any discipline from any recognized University with computer proficiency.

4. Additional points shall be given to the candidates having HDCM /M.COM /M.A/ M.Sc/ M.B.A/ LLM/MCA/ BBA/ BCA/ Diploma in Cooperative Management and Computer Application from a recognized University/Institution.

Scale of Pay:- Rs. 5200-20200 with Grade Pay-Rs.1900 subject to fulfillment of conditions as laid down in the Order No.18672 Dt.31.07.2010 of RCS, Odisha, Bhubaneswar.

Age:- A candidate must not be less than 21 years or more than 32 years of age as on Dt. 01.04.2014. The upper age limit shall be 35 years in respect of candidates belonging to SC/ST/OBC including SEBC, Ex-Serviceman. The upper age limit shall be 45 years in respect of candidates employed in any Cooperative Societies.

N.B: i) Application received after stipulated date and time or incomplete application shall not be entertained.

ii) The employee shall be bound to furnish security according to such standard and such form as may be prescribed by the management of the Society from time to time.

iii) The management of the Society reserves all rights to amend/alter/cancel/ the recruitment process at any time without assigning any reason there of.

By Order of the Management In Charge
Sd/- Secretary, Kuturla PACS Ltd
OFFICE OF THE BHARSUJA PRIMARY
AGRICULTURE CREDIT COOPERATIVE SOCIETY LTD.
At - Bharsuja, Po- Bharsuja, Dist- Bolangir Regd.No.111/B / Dt.08.02.1955
Under ARCS Bolangir Circle, Bolangir
ADVERTISEMENT

One Post of Secretary of Bharsuja PACS Ltd to be filled up by Direct Recruitment on mark basis. Application form can be obtained in person from the office of the Bharsuja PACS Ltd At- Bharsuja on payment of Rs.100/- from Dt.01.03.2014 to 15.03.2014 during 11 AM to 2 PM (except holidays). The duly filled in application along with required documents and money receipt should be submitted in the office of the ARCS Bolangir Circle, Bolangir At/Po-Bolangir in person and obtain the acknowledgement receipt latest by 5:00 pm of Dt.15.03.2014 during 11AM to 5PM.

Eligibility and Educational Qualification

1. The candidate must be a permanent resident of the area of operation of Bharsuja PACS.

2. The candidate outside the area of operation of the Society but within the area of the Block concerned may apply for the post, but their candidature can only be considered if no eligible candidate is found from the area of operation of the Society.

3. The candidate must be Graduate in any discipline from any recognized University with computer proficiency.

4. Additional points shall be given to the candidates having HDCM /M.COM /M.A/ M.Sc/ M.B.A/ LLM/MCA/ BBA/ BCA/ Diploma in Cooperative Management and Computer Application from a recognized University/Institution.

Scale of Pay:- Rs. 5200-20200 with Grade Pay-Rs.1900 subject to fulfillment of conditions as laid down in the Order No.18672 Dt.31.07.2010 of RCS, Odisha, Bhubaneswar.

Age:- A candidate must not be less than 21 years or more than 32 years of age as on Dt. 01.04.2014. The upper age limit shall be 35 years in respect of candidates belonging to SC/ST/OBC including SEBC, Ex-Serviceman. The upper age limit shall be 45 years in respect of candidates employed in any Cooperative Societies.

N.B: i) Application received after stipulated date and time or incomplete application shall not be entertained.

ii) The employee shall be bound to furnish security according to such standard and such form as may be prescribed by the management of the Society from time to time.

iii) The management of the Society reserves all rights to amend/alter/cancel/ the recruitment process at any time without assigning any reason there of.

By Order of the Management In Charge
Sd/- Secretary, Bharsuja PACS Ltd
OFFICE OF THE BUROBHADI PRIMARY
AGRICULTURE CREDIT COOPERATIVE SOCIETY LTD.
At - Nagaon-B, Po- Nagaon-B, Dist- Bolangir Regd.No.122/SPR / Dt.08.11.1971
Under ARCS Bolangir Circle, Bolangir
ADVERTISEMENT

One Post of Secretary of Burobhadi PACS Ltd to be filled up by Direct Recruitment on mark basis. Application form can be obtained in person from the office of the Burobhadi PACS Ltd At- Burobhadi on payment of Rs.100/- from Dt.01.03.2014 to 15.03.2014 during 11 AM to 2 PM (except holidays). The duly filled in application along with required documents and money receipt should be submitted in the office of the ARCS Bolangir Circle, Bolangir At/Po-Bolangir in person and obtain the acknowledgement receipt latest by 5:00 pm of Dt.15.03.2014 during 11AM to 5PM.

Eligibility and Educational Qualification

1. The candidate must be a permanent resident of the area of operation of Burobhadi PACS.

2. The candidate outside the area of operation of the Society but within the area of the Block concerned may apply for the post, but their candidature can only be considered if no eligible candidate is found from the area of operation of the Society.

3. The candidate must be Graduate in any discipline from any recognized University with computer proficiency.

4. Additional points shall be given to the candidates having HDCM /M.COM /M.A/ M.Sc/ M.B.A/ LLM/MCA/ BBA/ BCA/ Diploma in Cooperative Management and Computer Application from a recognized University/Institution.

Scale of Pay:- Rs. 5200-20200 with Grade Pay-Rs.1900 subject to fulfillment of conditions as laid down in the Order No.18672 Dt.31.07.2010 of RCS, Odisha, Bhubaneswar.

Age:- A candidate must not be less than 21 years or more than 32 years of age as on Dt. 01.04.2014. The upper age limit shall be 35 years in respect of candidates belonging to SC/ST/OBC including SEBC, Ex-Serviceman. The upper age limit shall be 45 years in respect of candidates employed in any Cooperative Societies.

N.B: i) Application received after stipulated date and time or incomplete application shall not be entertained.

ii) The employee shall be bound to furnish security according to such standard and such form as may be prescribed by the management of the Society from time to time.

iii) The management of the Society reserves all rights to amend/alter/cancel/ the recruitment process at any time without assigning any reason there of.

By Order of the Management In Charge
Sd/- Secretary, BurobhadiPACS Ltd
OFFICE OF THE PUINTALA PRIMARY
AGRICULTURE CREDIT COOPERATIVE SOCIETY LTD.
At - Puintala, Po- Puintala, Dist- Bolangir, Regd.No.21/B / Dt.28.06.1971
Under ARCS Bolangir Circle, Bolangir
ADVERTISEMENT

One Post of Secretary of Puintala PACS Ltd to be filled up by Direct Recruitment on mark basis. Application form can be obtained in person from the office of the Puintala PACS Ltd At- Puintala on payment of Rs.100/- from Dt.01.03.2014 to 15.03.2014 during 11 AM to 2 PM (except holidays). The duly filled in application along with required documents and money receipt should be submitted in the office of the ARCS Bolangir Circle, Bolangir At/Po-Bolangir in person and obtain the acknowledgement receipt latest by 5:00 pm of Dt.15.03.2014 during 11AM to 5PM.

Eligibility and Educational Qualification

1. The candidate must be a permanent resident of the area of operation of Puintala PACS.

2. The candidate outside the area of operation of the Society but within the area of the Block concerned may apply for the post, but their candidature can only be considered if no eligible candidate is found from the area of operation of the Society.

3. The candidate must be Graduate in any discipline from any recognized University with computer proficiency.

4. Additional points shall be given to the candidates having HDCM /M.COM /M.A/ M.Sc/ M.B.A/ LLM/MCA/ BBA/ BCA/ Diploma in Cooperative Management and Computer Application from a recognized University/Institution.

Scale of Pay:- Rs. 5200-20200 with Grade Pay-Rs.1900 subject to fulfillment of conditions as laid down in the Order No.18672 Dt.31.07.2010 of RCS, Odisha, Bhubaneswar.

Age:- A candidate must not be less than 21 years or more than 32 years of age as on Dt. 01.04.2014. The upper age limit shall be 35 years in respect of candidates belonging to SC/ST/OBC including SEBC, Ex-Serviceman. The upper age limit shall be 45 years in respect of candidates employed in any Cooperative Societies.

N.B: i) Application received after stipulated date and time or incomplete application shall not be entertained.

ii) The employee shall be bound to furnish security according to such standard and such form as may be prescribed by the management of the Society from time to time.

iii) The management of the Society reserves all rights to amend/alter/cancel/ the recruitment process at any time without assigning any reason there of.

By Order of the Management In Charge
Sd/- Secretary, Puintala PACS Ltd
